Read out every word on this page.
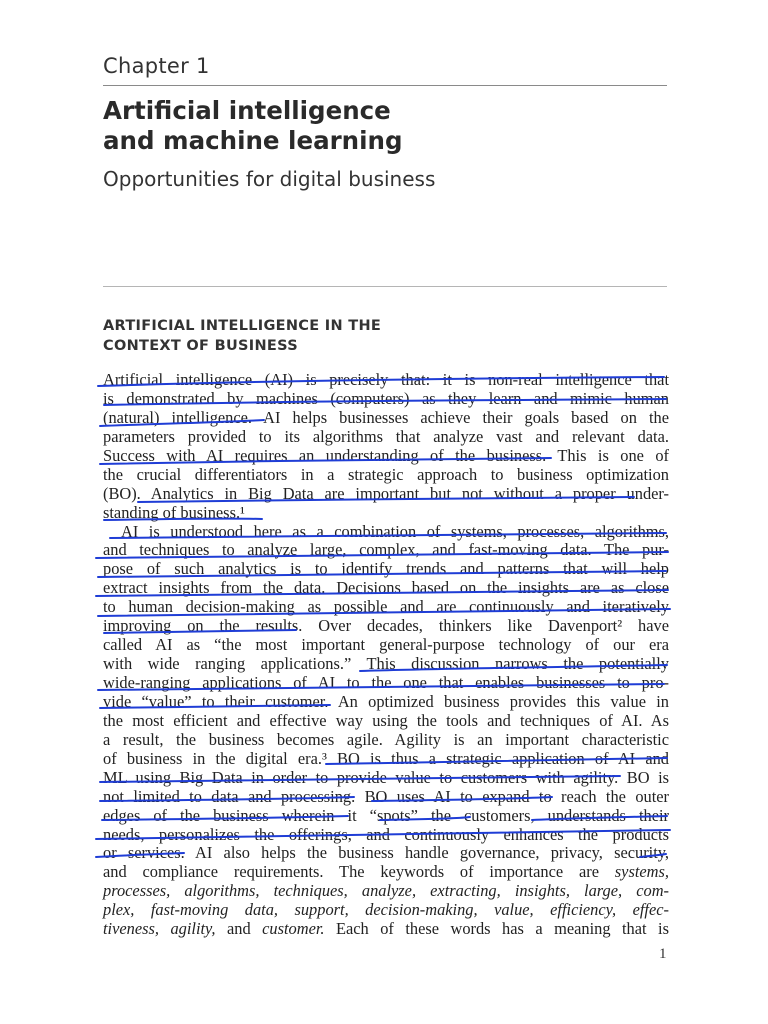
Chapter 1
Artificial intelligence
and machine learning
Opportunities for digital business
ARTIFICIAL INTELLIGENCE IN THE
CONTEXT OF BUSINESS
Artificial intelligence (AI) is precisely that: it is non-real intelligence that
is demonstrated by machines (computers) as they learn and mimic human
(natural) intelligence. AI helps businesses achieve their goals based on the
parameters provided to its algorithms that analyze vast and relevant data.
Success with AI requires an understanding of the business. This is one of
the crucial differentiators in a strategic approach to business optimization
(BO). Analytics in Big Data are important but not without a proper under-
standing of business.¹
AI is understood here as a combination of systems, processes, algorithms,
and techniques to analyze large, complex, and fast-moving data. The pur-
pose of such analytics is to identify trends and patterns that will help
extract insights from the data. Decisions based on the insights are as close
to human decision-making as possible and are continuously and iteratively
improving on the results. Over decades, thinkers like Davenport² have
called AI as “the most important general-purpose technology of our era
with wide ranging applications.” This discussion narrows the potentially
wide-ranging applications of AI to the one that enables businesses to pro-
vide “value” to their customer. An optimized business provides this value in
the most efficient and effective way using the tools and techniques of AI. As
a result, the business becomes agile. Agility is an important characteristic
of business in the digital era.³ BO is thus a strategic application of AI and
ML using Big Data in order to provide value to customers with agility. BO is
not limited to data and processing. BO uses AI to expand to reach the outer
edges of the business wherein it “spots” the customers, understands their
needs, personalizes the offerings, and continuously enhances the products
or services. AI also helps the business handle governance, privacy, security,
and compliance requirements. The keywords of importance are systems,
processes, algorithms, techniques, analyze, extracting, insights, large, com-
plex, fast-moving data, support, decision-making, value, efficiency, effec-
tiveness, agility, and customer. Each of these words has a meaning that is
1
